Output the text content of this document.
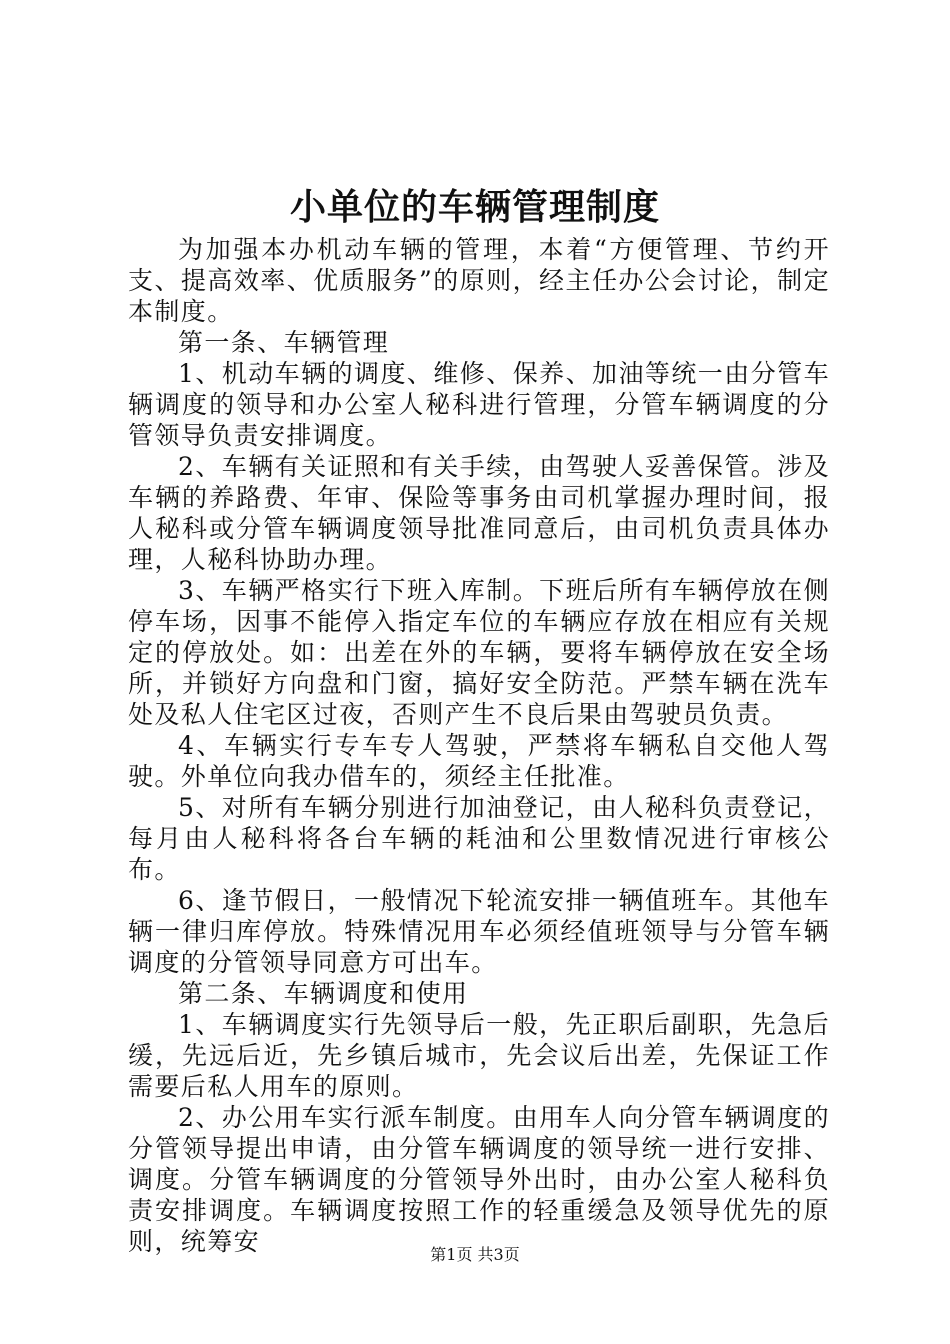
小单位的车辆管理制度

为加强本办机动车辆的管理，本着“方便管理、节约开支、提高效率、优质服务”的原则，经主任办公会讨论，制定本制度。

第一条、车辆管理

1、机动车辆的调度、维修、保养、加油等统一由分管车辆调度的领导和办公室人秘科进行管理，分管车辆调度的分管领导负责安排调度。

2、车辆有关证照和有关手续，由驾驶人妥善保管。涉及车辆的养路费、年审、保险等事务由司机掌握办理时间，报人秘科或分管车辆调度领导批准同意后，由司机负责具体办理，人秘科协助办理。

3、车辆严格实行下班入库制。下班后所有车辆停放在侧停车场，因事不能停入指定车位的车辆应存放在相应有关规定的停放处。如：出差在外的车辆，要将车辆停放在安全场所，并锁好方向盘和门窗，搞好安全防范。严禁车辆在洗车处及私人住宅区过夜，否则产生不良后果由驾驶员负责。

4、车辆实行专车专人驾驶，严禁将车辆私自交他人驾驶。外单位向我办借车的，须经主任批准。

5、对所有车辆分别进行加油登记，由人秘科负责登记，每月由人秘科将各台车辆的耗油和公里数情况进行审核公布。

6、逢节假日，一般情况下轮流安排一辆值班车。其他车辆一律归库停放。特殊情况用车必须经值班领导与分管车辆调度的分管领导同意方可出车。

第二条、车辆调度和使用

1、车辆调度实行先领导后一般，先正职后副职，先急后缓，先远后近，先乡镇后城市，先会议后出差，先保证工作需要后私人用车的原则。

2、办公用车实行派车制度。由用车人向分管车辆调度的分管领导提出申请，由分管车辆调度的领导统一进行安排、调度。分管车辆调度的分管领导外出时，由办公室人秘科负责安排调度。车辆调度按照工作的轻重缓急及领导优先的原则，统筹安	第1页 共3页
